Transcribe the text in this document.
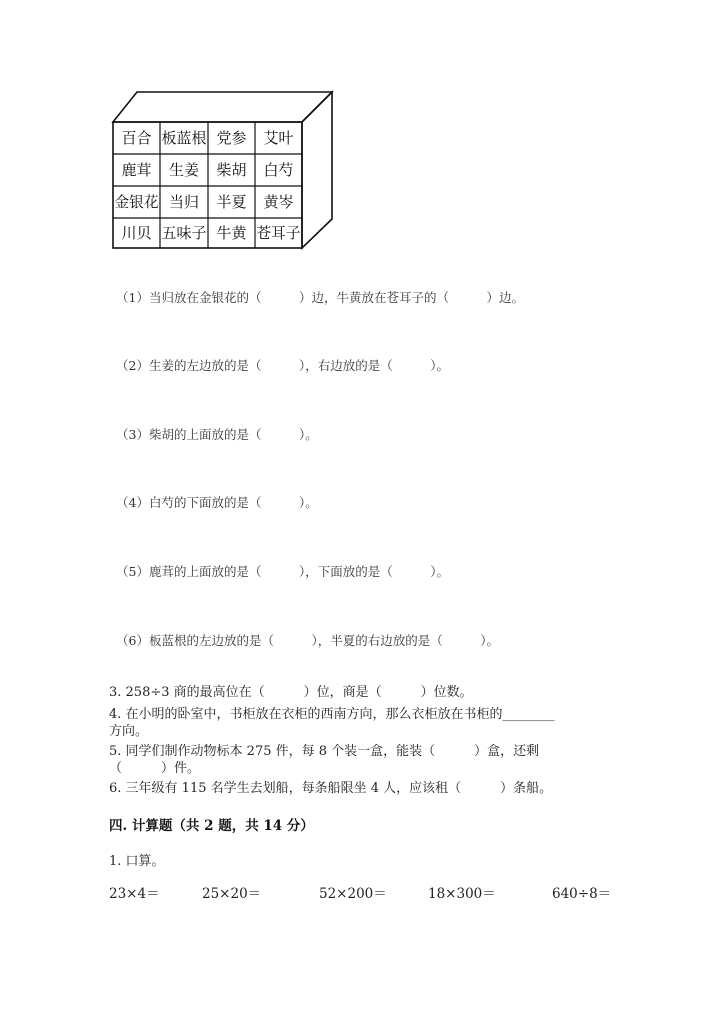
百合 板蓝根 党参 艾叶
鹿茸 生姜 柴胡 白芍
金银花 当归 半夏 黄岑
川贝 五味子 牛黄 苍耳子
（1）当归放在金银花的（　　　）边，牛黄放在苍耳子的（　　　）边。
（2）生姜的左边放的是（　　　），右边放的是（　　　）。
（3）柴胡的上面放的是（　　　）。
（4）白芍的下面放的是（　　　）。
（5）鹿茸的上面放的是（　　　），下面放的是（　　　）。
（6）板蓝根的左边放的是（　　　），半夏的右边放的是（　　　）。
3. 258÷3 商的最高位在（　　　）位，商是（　　　）位数。
4. 在小明的卧室中，书柜放在衣柜的西南方向，那么衣柜放在书柜的________
方向。
5. 同学们制作动物标本 275 件，每 8 个装一盒，能装（　　　）盒，还剩
（　　　）件。
6. 三年级有 115 名学生去划船，每条船限坐 4 人，应该租（　　　）条船。
四. 计算题（共 2 题，共 14 分）
1. 口算。
23×4＝	25×20＝	52×200＝	18×300＝	640÷8＝
